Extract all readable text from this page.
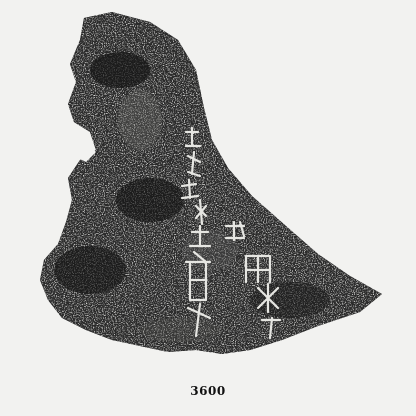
3600
